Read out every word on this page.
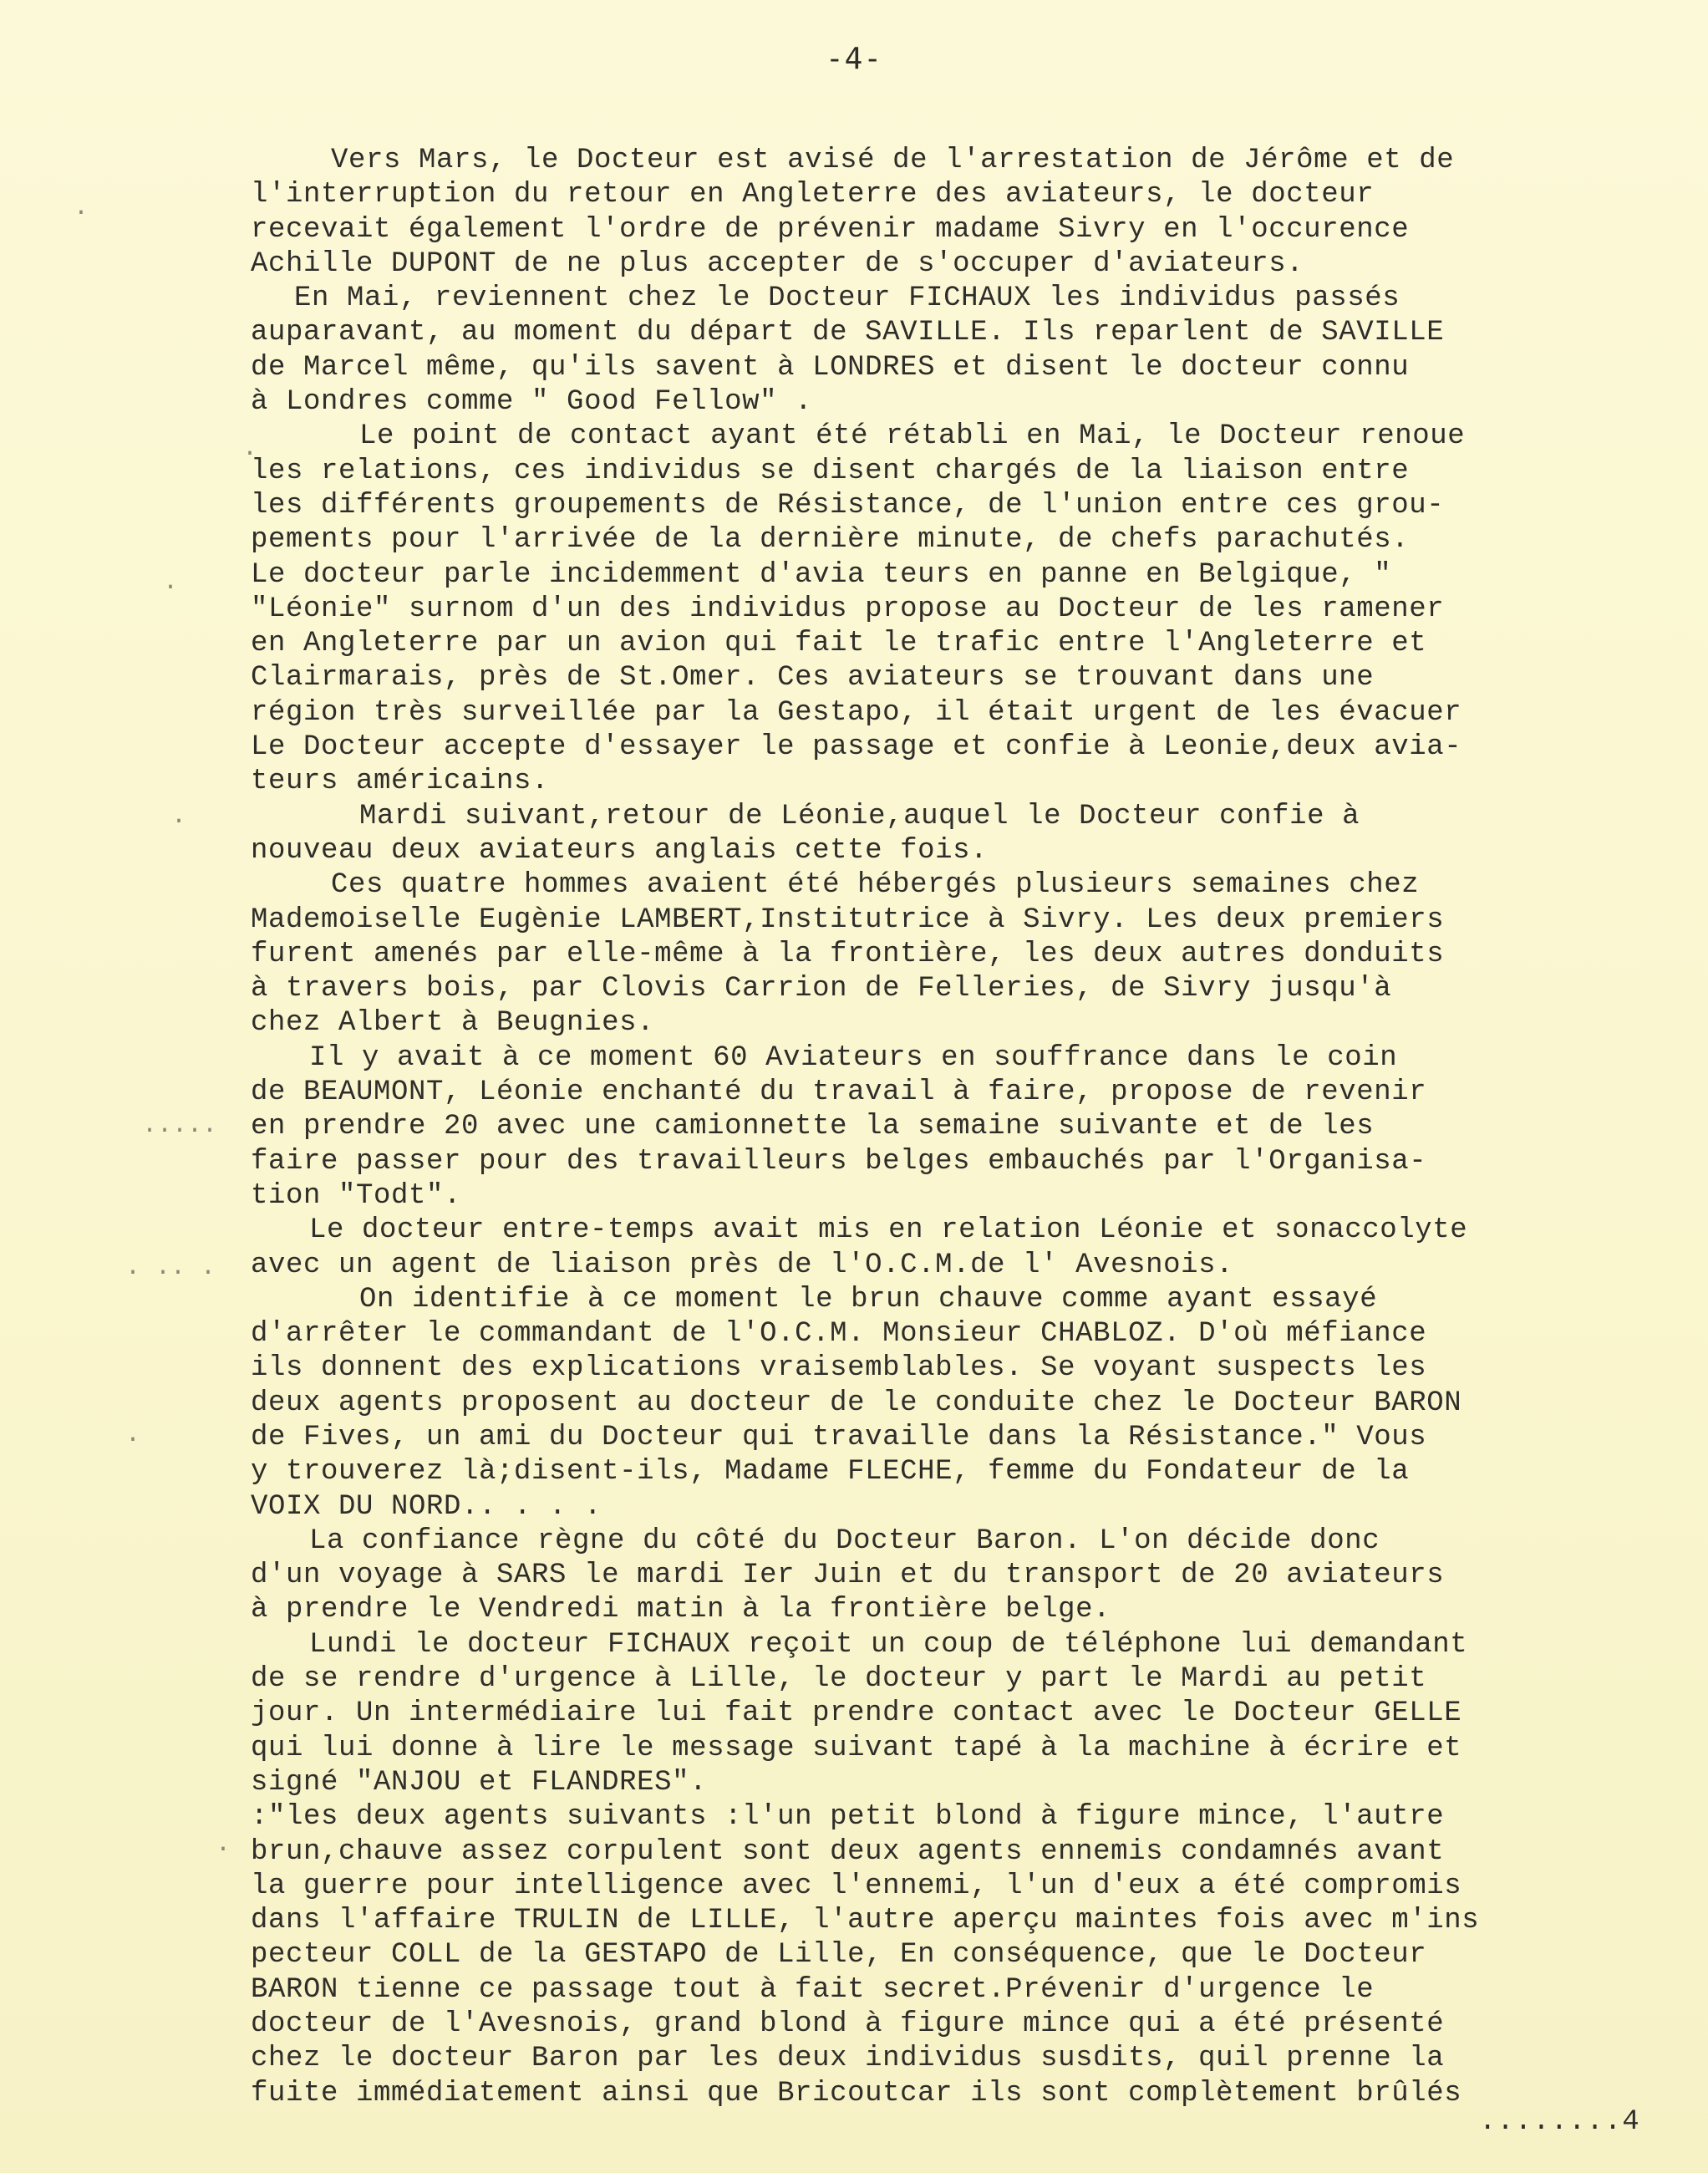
-4-
.
.
.
.
.....
. .. .
.
.
Vers Mars, le Docteur est avisé de l'arrestation de Jérôme et de
l'interruption du retour en Angleterre des aviateurs, le docteur
recevait également l'ordre de prévenir madame Sivry en l'occurence
Achille DUPONT de ne plus accepter de s'occuper d'aviateurs.
En Mai, reviennent chez le Docteur FICHAUX les individus passés
auparavant, au moment du départ de SAVILLE. Ils reparlent de SAVILLE
de Marcel même, qu'ils savent à LONDRES et disent le docteur connu
à Londres comme " Good Fellow" .
Le point de contact ayant été rétabli en Mai, le Docteur renoue
les relations, ces individus se disent chargés de la liaison entre
les différents groupements de Résistance, de l'union entre ces grou-
pements pour l'arrivée de la dernière minute, de chefs parachutés.
Le docteur parle incidemment d'avia teurs en panne en Belgique, "
"Léonie" surnom d'un des individus propose au Docteur de les ramener
en Angleterre par un avion qui fait le trafic entre l'Angleterre et
Clairmarais, près de St.Omer. Ces aviateurs se trouvant dans une
région très surveillée par la Gestapo, il était urgent de les évacuer
Le Docteur accepte d'essayer le passage et confie à Leonie,deux avia-
teurs américains.
Mardi suivant,retour de Léonie,auquel le Docteur confie à
nouveau deux aviateurs anglais cette fois.
Ces quatre hommes avaient été hébergés plusieurs semaines chez
Mademoiselle Eugènie LAMBERT,Institutrice à Sivry. Les deux premiers
furent amenés par elle-même à la frontière, les deux autres donduits
à travers bois, par Clovis Carrion de Felleries, de Sivry jusqu'à
chez Albert à Beugnies.
Il y avait à ce moment 60 Aviateurs en souffrance dans le coin
de BEAUMONT, Léonie enchanté du travail à faire, propose de revenir
en prendre 20 avec une camionnette la semaine suivante et de les
faire passer pour des travailleurs belges embauchés par l'Organisa-
tion "Todt".
Le docteur entre-temps avait mis en relation Léonie et sonaccolyte
avec un agent de liaison près de l'O.C.M.de l' Avesnois.
On identifie à ce moment le brun chauve comme ayant essayé
d'arrêter le commandant de l'O.C.M. Monsieur CHABLOZ. D'où méfiance
ils donnent des explications vraisemblables. Se voyant suspects les
deux agents proposent au docteur de le conduite chez le Docteur BARON
de Fives, un ami du Docteur qui travaille dans la Résistance." Vous
y trouverez là;disent-ils, Madame FLECHE, femme du Fondateur de la
VOIX DU NORD.. . . .
La confiance règne du côté du Docteur Baron. L'on décide donc
d'un voyage à SARS le mardi Ier Juin et du transport de 20 aviateurs
à prendre le Vendredi matin à la frontière belge.
Lundi le docteur FICHAUX reçoit un coup de téléphone lui demandant
de se rendre d'urgence à Lille, le docteur y part le Mardi au petit
jour. Un intermédiaire lui fait prendre contact avec le Docteur GELLE
qui lui donne à lire le message suivant tapé à la machine à écrire et
signé "ANJOU et FLANDRES".
:"les deux agents suivants :l'un petit blond à figure mince, l'autre
brun,chauve assez corpulent sont deux agents ennemis condamnés avant
la guerre pour intelligence avec l'ennemi, l'un d'eux a été compromis
dans l'affaire TRULIN de LILLE, l'autre aperçu maintes fois avec m'ins
pecteur COLL de la GESTAPO de Lille, En conséquence, que le Docteur
BARON tienne ce passage tout à fait secret.Prévenir d'urgence le
docteur de l'Avesnois, grand blond à figure mince qui a été présenté
chez le docteur Baron par les deux individus susdits, quil prenne la
fuite immédiatement ainsi que Bricoutcar ils sont complètement brûlés
........4
